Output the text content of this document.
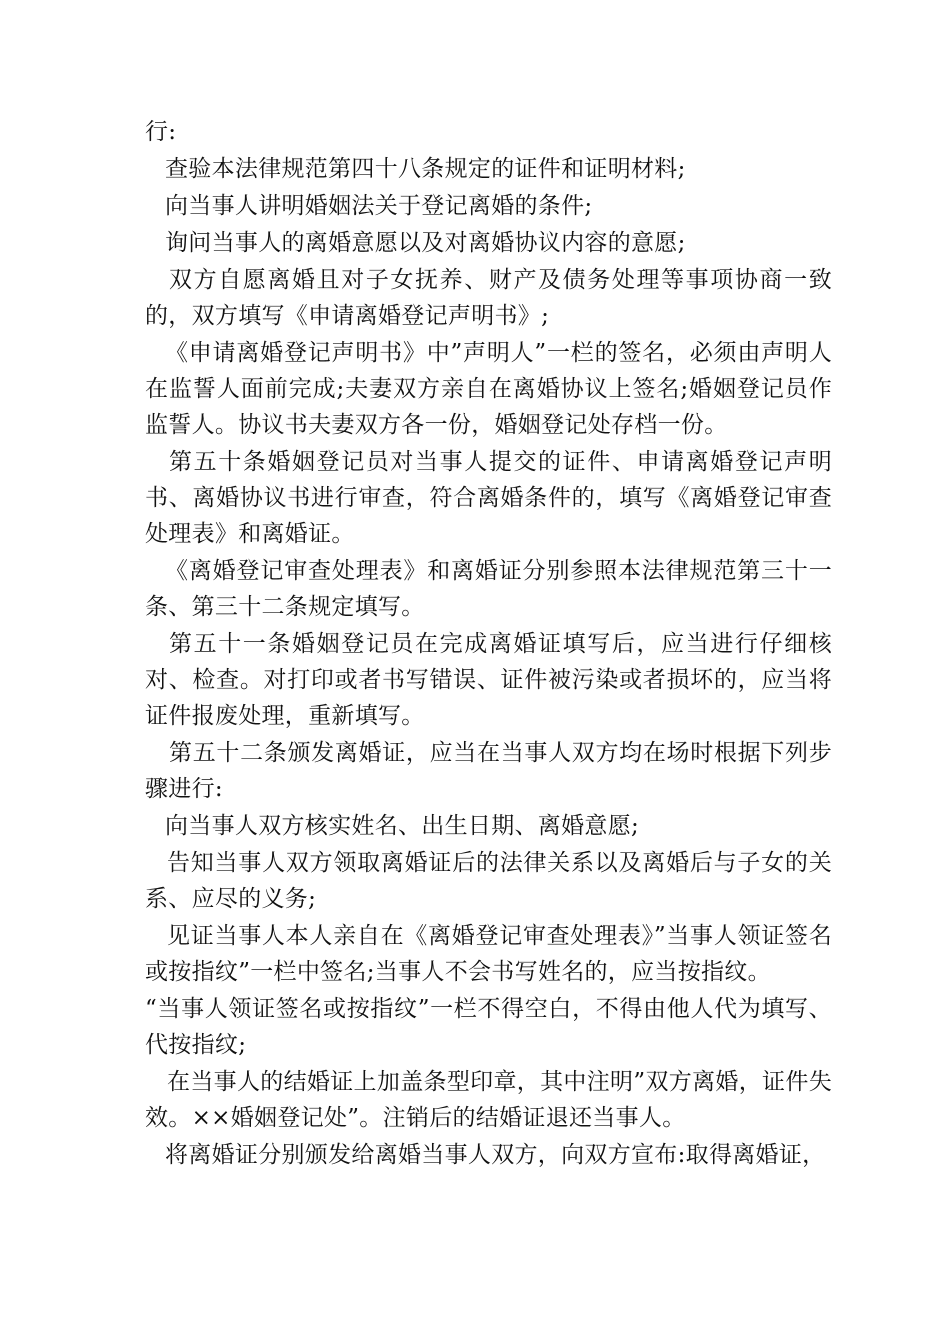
行:

查验本法律规范第四十八条规定的证件和证明材料;

向当事人讲明婚姻法关于登记离婚的条件;

询问当事人的离婚意愿以及对离婚协议内容的意愿;

双方自愿离婚且对子女抚养、财产及债务处理等事项协商一致的，双方填写《申请离婚登记声明书》;

《申请离婚登记声明书》中”声明人”一栏的签名，必须由声明人在监誓人面前完成;夫妻双方亲自在离婚协议上签名;婚姻登记员作监誓人。协议书夫妻双方各一份，婚姻登记处存档一份。

第五十条婚姻登记员对当事人提交的证件、申请离婚登记声明书、离婚协议书进行审查，符合离婚条件的，填写《离婚登记审查处理表》和离婚证。

《离婚登记审查处理表》和离婚证分别参照本法律规范第三十一条、第三十二条规定填写。

第五十一条婚姻登记员在完成离婚证填写后，应当进行仔细核对、检查。对打印或者书写错误、证件被污染或者损坏的，应当将证件报废处理，重新填写。

第五十二条颁发离婚证，应当在当事人双方均在场时根据下列步骤进行:

向当事人双方核实姓名、出生日期、离婚意愿;

告知当事人双方领取离婚证后的法律关系以及离婚后与子女的关系、应尽的义务;

见证当事人本人亲自在《离婚登记审查处理表》”当事人领证签名或按指纹”一栏中签名;当事人不会书写姓名的，应当按指纹。

“当事人领证签名或按指纹”一栏不得空白，不得由他人代为填写、代按指纹;

在当事人的结婚证上加盖条型印章，其中注明”双方离婚，证件失效。××婚姻登记处”。注销后的结婚证退还当事人。

将离婚证分别颁发给离婚当事人双方，向双方宣布:取得离婚证，
